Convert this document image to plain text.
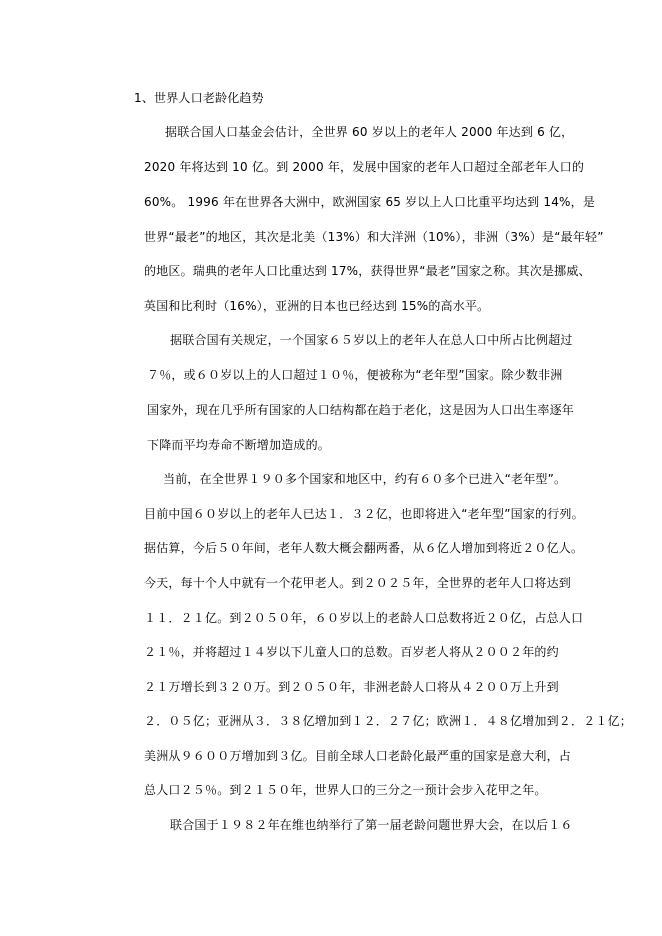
1、世界人口老龄化趋势
据联合国人口基金会估计，全世界 60 岁以上的老年人 2000 年达到 6 亿，
2020 年将达到 10 亿。到 2000 年，发展中国家的老年人口超过全部老年人口的
60%。 1996 年在世界各大洲中，欧洲国家 65 岁以上人口比重平均达到 14%，是
世界“最老”的地区，其次是北美（13%）和大洋洲（10%），非洲（3%）是“最年轻”
的地区。瑞典的老年人口比重达到 17%，获得世界“最老”国家之称。其次是挪威、
英国和比利时（16%），亚洲的日本也已经达到 15%的高水平。
据联合国有关规定，一个国家６５岁以上的老年人在总人口中所占比例超过
７％，或６０岁以上的人口超过１０％，便被称为“老年型”国家。除少数非洲
国家外，现在几乎所有国家的人口结构都在趋于老化，这是因为人口出生率逐年
下降而平均寿命不断增加造成的。
当前，在全世界１９０多个国家和地区中，约有６０多个已进入“老年型”。
目前中国６０岁以上的老年人已达１．３２亿，也即将进入“老年型”国家的行列。
据估算，今后５０年间，老年人数大概会翻两番，从６亿人增加到将近２０亿人。
今天，每十个人中就有一个花甲老人。到２０２５年，全世界的老年人口将达到
１１．２１亿。到２０５０年，６０岁以上的老龄人口总数将近２０亿，占总人口
２１％，并将超过１４岁以下儿童人口的总数。百岁老人将从２００２年的约
２１万增长到３２０万。到２０５０年，非洲老龄人口将从４２００万上升到
２．０５亿；亚洲从３．３８亿增加到１２．２７亿；欧洲１．４８亿增加到２．２１亿；
美洲从９６００万增加到３亿。目前全球人口老龄化最严重的国家是意大利，占
总人口２５％。到２１５０年，世界人口的三分之一预计会步入花甲之年。
联合国于１９８２年在维也纳举行了第一届老龄问题世界大会，在以后１６
